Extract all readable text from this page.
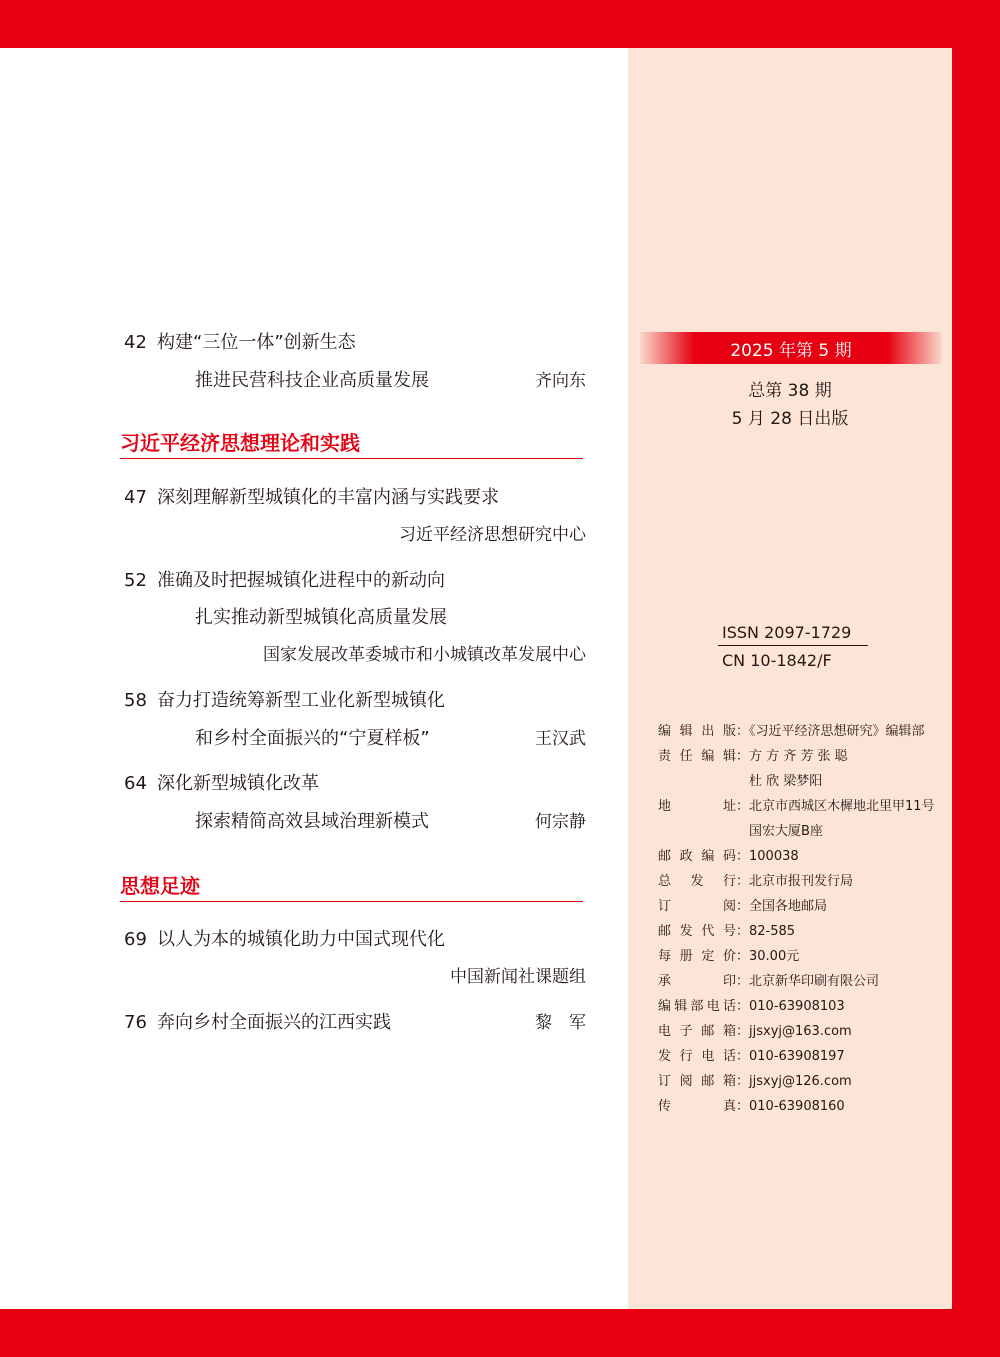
42 构建“三位一体”创新生态
推进民营科技企业高质量发展	齐向东
习近平经济思想理论和实践
47 深刻理解新型城镇化的丰富内涵与实践要求
习近平经济思想研究中心
52 准确及时把握城镇化进程中的新动向
扎实推动新型城镇化高质量发展
国家发展改革委城市和小城镇改革发展中心
58 奋力打造统筹新型工业化新型城镇化
和乡村全面振兴的“宁夏样板”	王汉武
64 深化新型城镇化改革
探索精简高效县域治理新模式	何宗静
思想足迹
69 以人为本的城镇化助力中国式现代化
中国新闻社课题组
76 奔向乡村全面振兴的江西实践	黎　军
2025 年第 5 期
总第 38 期
5 月 28 日出版
ISSN 2097-1729
CN 10-1842/F
编辑出版：《习近平经济思想研究》编辑部
责任编辑：方 方 齐 芳 张 聪
　杜 欣 梁梦阳
地址：北京市西城区木樨地北里甲11号
　国宏大厦B座
邮政编码：100038
总发行：北京市报刊发行局
订阅：全国各地邮局
邮发代号：82-585
每册定价：30.00元
承印：北京新华印刷有限公司
编辑部电话：010-63908103
电子邮箱：jjsxyj@163.com
发行电话：010-63908197
订阅邮箱：jjsxyj@126.com
传真：010-63908160
